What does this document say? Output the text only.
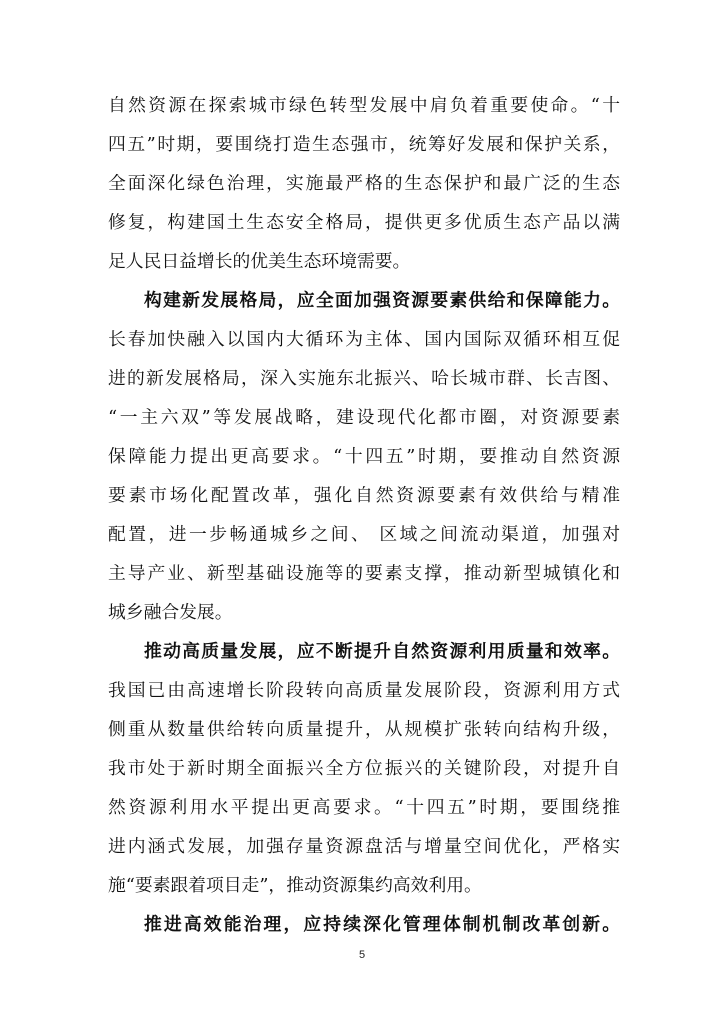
自然资源在探索城市绿色转型发展中肩负着重要使命。“十
四五”时期，要围绕打造生态强市，统筹好发展和保护关系，
全面深化绿色治理，实施最严格的生态保护和最广泛的生态
修复，构建国土生态安全格局，提供更多优质生态产品以满
足人民日益增长的优美生态环境需要。
构建新发展格局，应全面加强资源要素供给和保障能力。
长春加快融入以国内大循环为主体、国内国际双循环相互促
进的新发展格局，深入实施东北振兴、哈长城市群、长吉图、
“一主六双”等发展战略，建设现代化都市圈，对资源要素
保障能力提出更高要求。“十四五”时期，要推动自然资源
要素市场化配置改革，强化自然资源要素有效供给与精准
配置，进一步畅通城乡之间、 区域之间流动渠道，加强对
主导产业、新型基础设施等的要素支撑，推动新型城镇化和
城乡融合发展。
推动高质量发展，应不断提升自然资源利用质量和效率。
我国已由高速增长阶段转向高质量发展阶段，资源利用方式
侧重从数量供给转向质量提升，从规模扩张转向结构升级，
我市处于新时期全面振兴全方位振兴的关键阶段，对提升自
然资源利用水平提出更高要求。“十四五”时期，要围绕推
进内涵式发展，加强存量资源盘活与增量空间优化，严格实
施“要素跟着项目走”，推动资源集约高效利用。
推进高效能治理，应持续深化管理体制机制改革创新。
5
